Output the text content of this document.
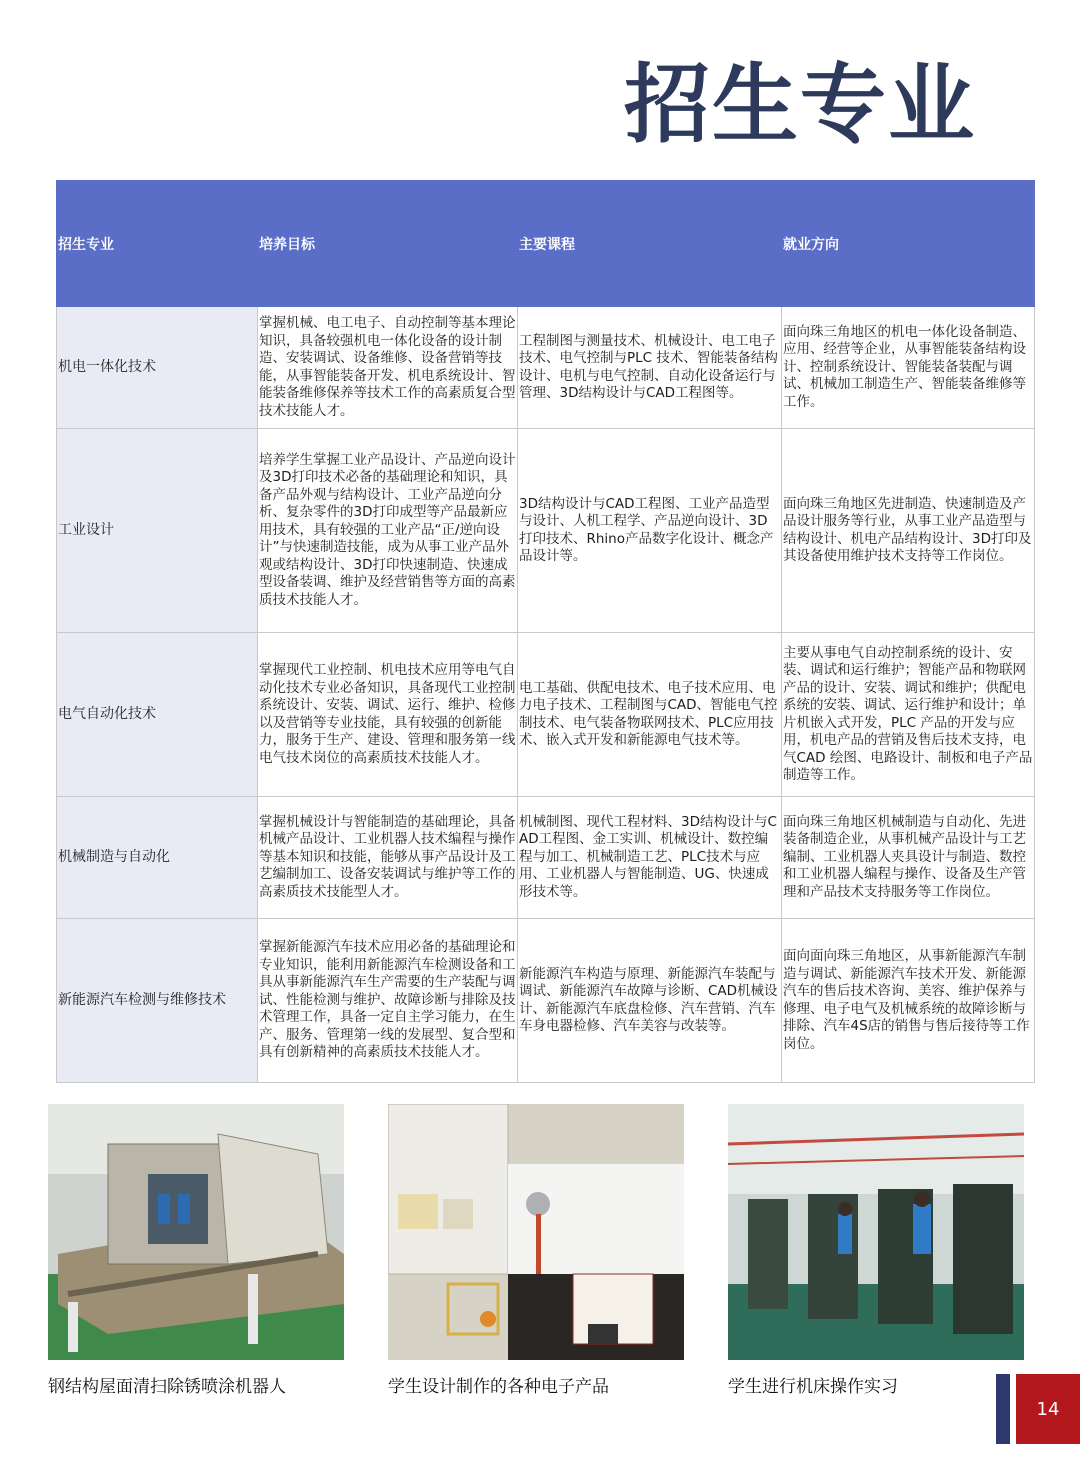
招生专业
招生专业	培养目标	主要课程	就业方向
机电一体化技术	掌握机械、电工电子、自动控制等基本理论知识，具备较强机电一体化设备的设计制造、安装调试、设备维修、设备营销等技能，从事智能装备开发、机电系统设计、智能装备维修保养等技术工作的高素质复合型技术技能人才。	工程制图与测量技术、机械设计、电工电子技术、电气控制与PLC 技术、智能装备结构设计、电机与电气控制、自动化设备运行与管理、3D结构设计与CAD工程图等。	面向珠三角地区的机电一体化设备制造、应用、经营等企业，从事智能装备结构设计、控制系统设计、智能装备装配与调试、机械加工制造生产、智能装备维修等工作。
工业设计	培养学生掌握工业产品设计、产品逆向设计及3D打印技术必备的基础理论和知识，具备产品外观与结构设计、工业产品逆向分析、复杂零件的3D打印成型等产品最新应用技术，具有较强的工业产品“正/逆向设计”与快速制造技能，成为从事工业产品外观或结构设计、3D打印快速制造、快速成型设备装调、维护及经营销售等方面的高素质技术技能人才。	3D结构设计与CAD工程图、工业产品造型与设计、人机工程学、产品逆向设计、3D打印技术、Rhino产品数字化设计、概念产品设计等。	面向珠三角地区先进制造、快速制造及产品设计服务等行业，从事工业产品造型与结构设计、机电产品结构设计、3D打印及其设备使用维护技术支持等工作岗位。
电气自动化技术	掌握现代工业控制、机电技术应用等电气自动化技术专业必备知识，具备现代工业控制系统设计、安装、调试、运行、维护、检修以及营销等专业技能，具有较强的创新能力，服务于生产、建设、管理和服务第一线电气技术岗位的高素质技术技能人才。	电工基础、供配电技术、电子技术应用、电力电子技术、工程制图与CAD、智能电气控制技术、电气装备物联网技术、PLC应用技术、嵌入式开发和新能源电气技术等。	主要从事电气自动控制系统的设计、安装、调试和运行维护；智能产品和物联网产品的设计、安装、调试和维护；供配电系统的安装、调试、运行维护和设计；单片机嵌入式开发，PLC 产品的开发与应用，机电产品的营销及售后技术支持，电气CAD 绘图、电路设计、制板和电子产品制造等工作。
机械制造与自动化	掌握机械设计与智能制造的基础理论，具备机械产品设计、工业机器人技术编程与操作等基本知识和技能，能够从事产品设计及工艺编制加工、设备安装调试与维护等工作的高素质技术技能型人才。	机械制图、现代工程材料、3D结构设计与CAD工程图、金工实训、机械设计、数控编程与加工、机械制造工艺、PLC技术与应用、工业机器人与智能制造、UG、快速成形技术等。	面向珠三角地区机械制造与自动化、先进装备制造企业，从事机械产品设计与工艺编制、工业机器人夹具设计与制造、数控和工业机器人编程与操作、设备及生产管理和产品技术支持服务等工作岗位。
新能源汽车检测与维修技术	掌握新能源汽车技术应用必备的基础理论和专业知识，能利用新能源汽车检测设备和工具从事新能源汽车生产需要的生产装配与调试、性能检测与维护、故障诊断与排除及技术管理工作，具备一定自主学习能力，在生产、服务、管理第一线的发展型、复合型和具有创新精神的高素质技术技能人才。	新能源汽车构造与原理、新能源汽车装配与调试、新能源汽车故障与诊断、CAD机械设计、新能源汽车底盘检修、汽车营销、汽车车身电器检修、汽车美容与改装等。	面向面向珠三角地区，从事新能源汽车制造与调试、新能源汽车技术开发、新能源汽车的售后技术咨询、美容、维护保养与修理、电子电气及机械系统的故障诊断与排除、汽车4S店的销售与售后接待等工作岗位。
钢结构屋面清扫除锈喷涂机器人	学生设计制作的各种电子产品	学生进行机床操作实习
14
